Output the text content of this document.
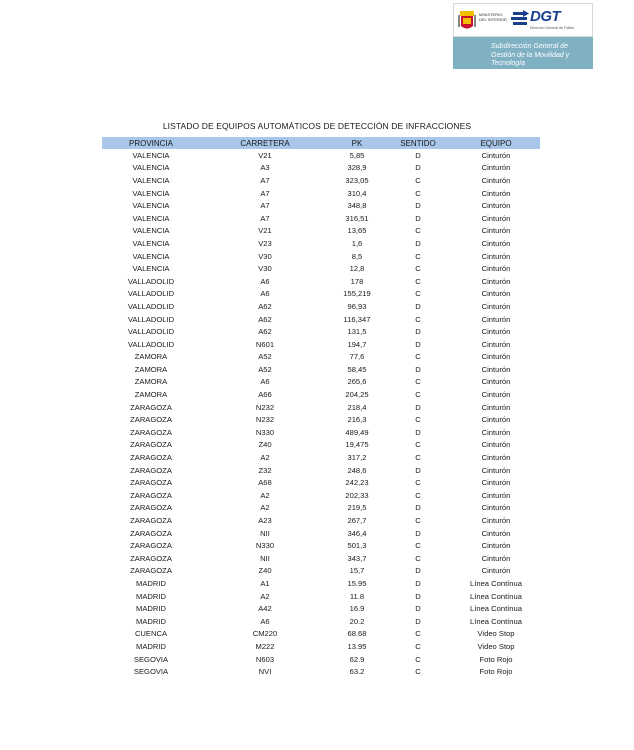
MINISTERIO
DEL INTERIOR DGT
Dirección General de Tráfico
Subdirección General de
Gestión de la Movilidad y
Tecnología
LISTADO DE EQUIPOS AUTOMÁTICOS DE DETECCIÓN DE INFRACCIONES
PROVINCIA	CARRETERA	PK	SENTIDO	EQUIPO
VALENCIA	V21	5,85	D	Cinturón
VALENCIA	A3	328,9	D	Cinturón
VALENCIA	A7	323,05	C	Cinturón
VALENCIA	A7	310,4	C	Cinturón
VALENCIA	A7	348,8	D	Cinturón
VALENCIA	A7	316,51	D	Cinturón
VALENCIA	V21	13,65	C	Cinturón
VALENCIA	V23	1,6	D	Cinturón
VALENCIA	V30	8,5	C	Cinturón
VALENCIA	V30	12,8	C	Cinturón
VALLADOLID	A6	178	C	Cinturón
VALLADOLID	A6	155,219	C	Cinturón
VALLADOLID	A62	96,93	D	Cinturón
VALLADOLID	A62	116,347	C	Cinturón
VALLADOLID	A62	131,5	D	Cinturón
VALLADOLID	N601	194,7	D	Cinturón
ZAMORA	A52	77,6	C	Cinturón
ZAMORA	A52	58,45	D	Cinturón
ZAMORA	A6	265,6	C	Cinturón
ZAMORA	A66	204,25	C	Cinturón
ZARAGOZA	N232	218,4	D	Cinturón
ZARAGOZA	N232	216,3	C	Cinturón
ZARAGOZA	N330	489,49	D	Cinturón
ZARAGOZA	Z40	19,475	C	Cinturón
ZARAGOZA	A2	317,2	C	Cinturón
ZARAGOZA	Z32	248,6	D	Cinturón
ZARAGOZA	A68	242,23	C	Cinturón
ZARAGOZA	A2	202,33	C	Cinturón
ZARAGOZA	A2	219,5	D	Cinturón
ZARAGOZA	A23	267,7	C	Cinturón
ZARAGOZA	NII	346,4	D	Cinturón
ZARAGOZA	N330	501,3	C	Cinturón
ZARAGOZA	NII	343,7	C	Cinturón
ZARAGOZA	Z40	15,7	D	Cinturón
MADRID	A1	15.95	D	Línea Contínua
MADRID	A2	11.8	D	Línea Contínua
MADRID	A42	16.9	D	Línea Contínua
MADRID	A6	20.2	D	Línea Contínua
CUENCA	CM220	68.68	C	Video Stop
MADRID	M222	13.95	C	Video Stop
SEGOVIA	N603	62.9	C	Foto Rojo
SEGOVIA	NVI	63.2	C	Foto Rojo
